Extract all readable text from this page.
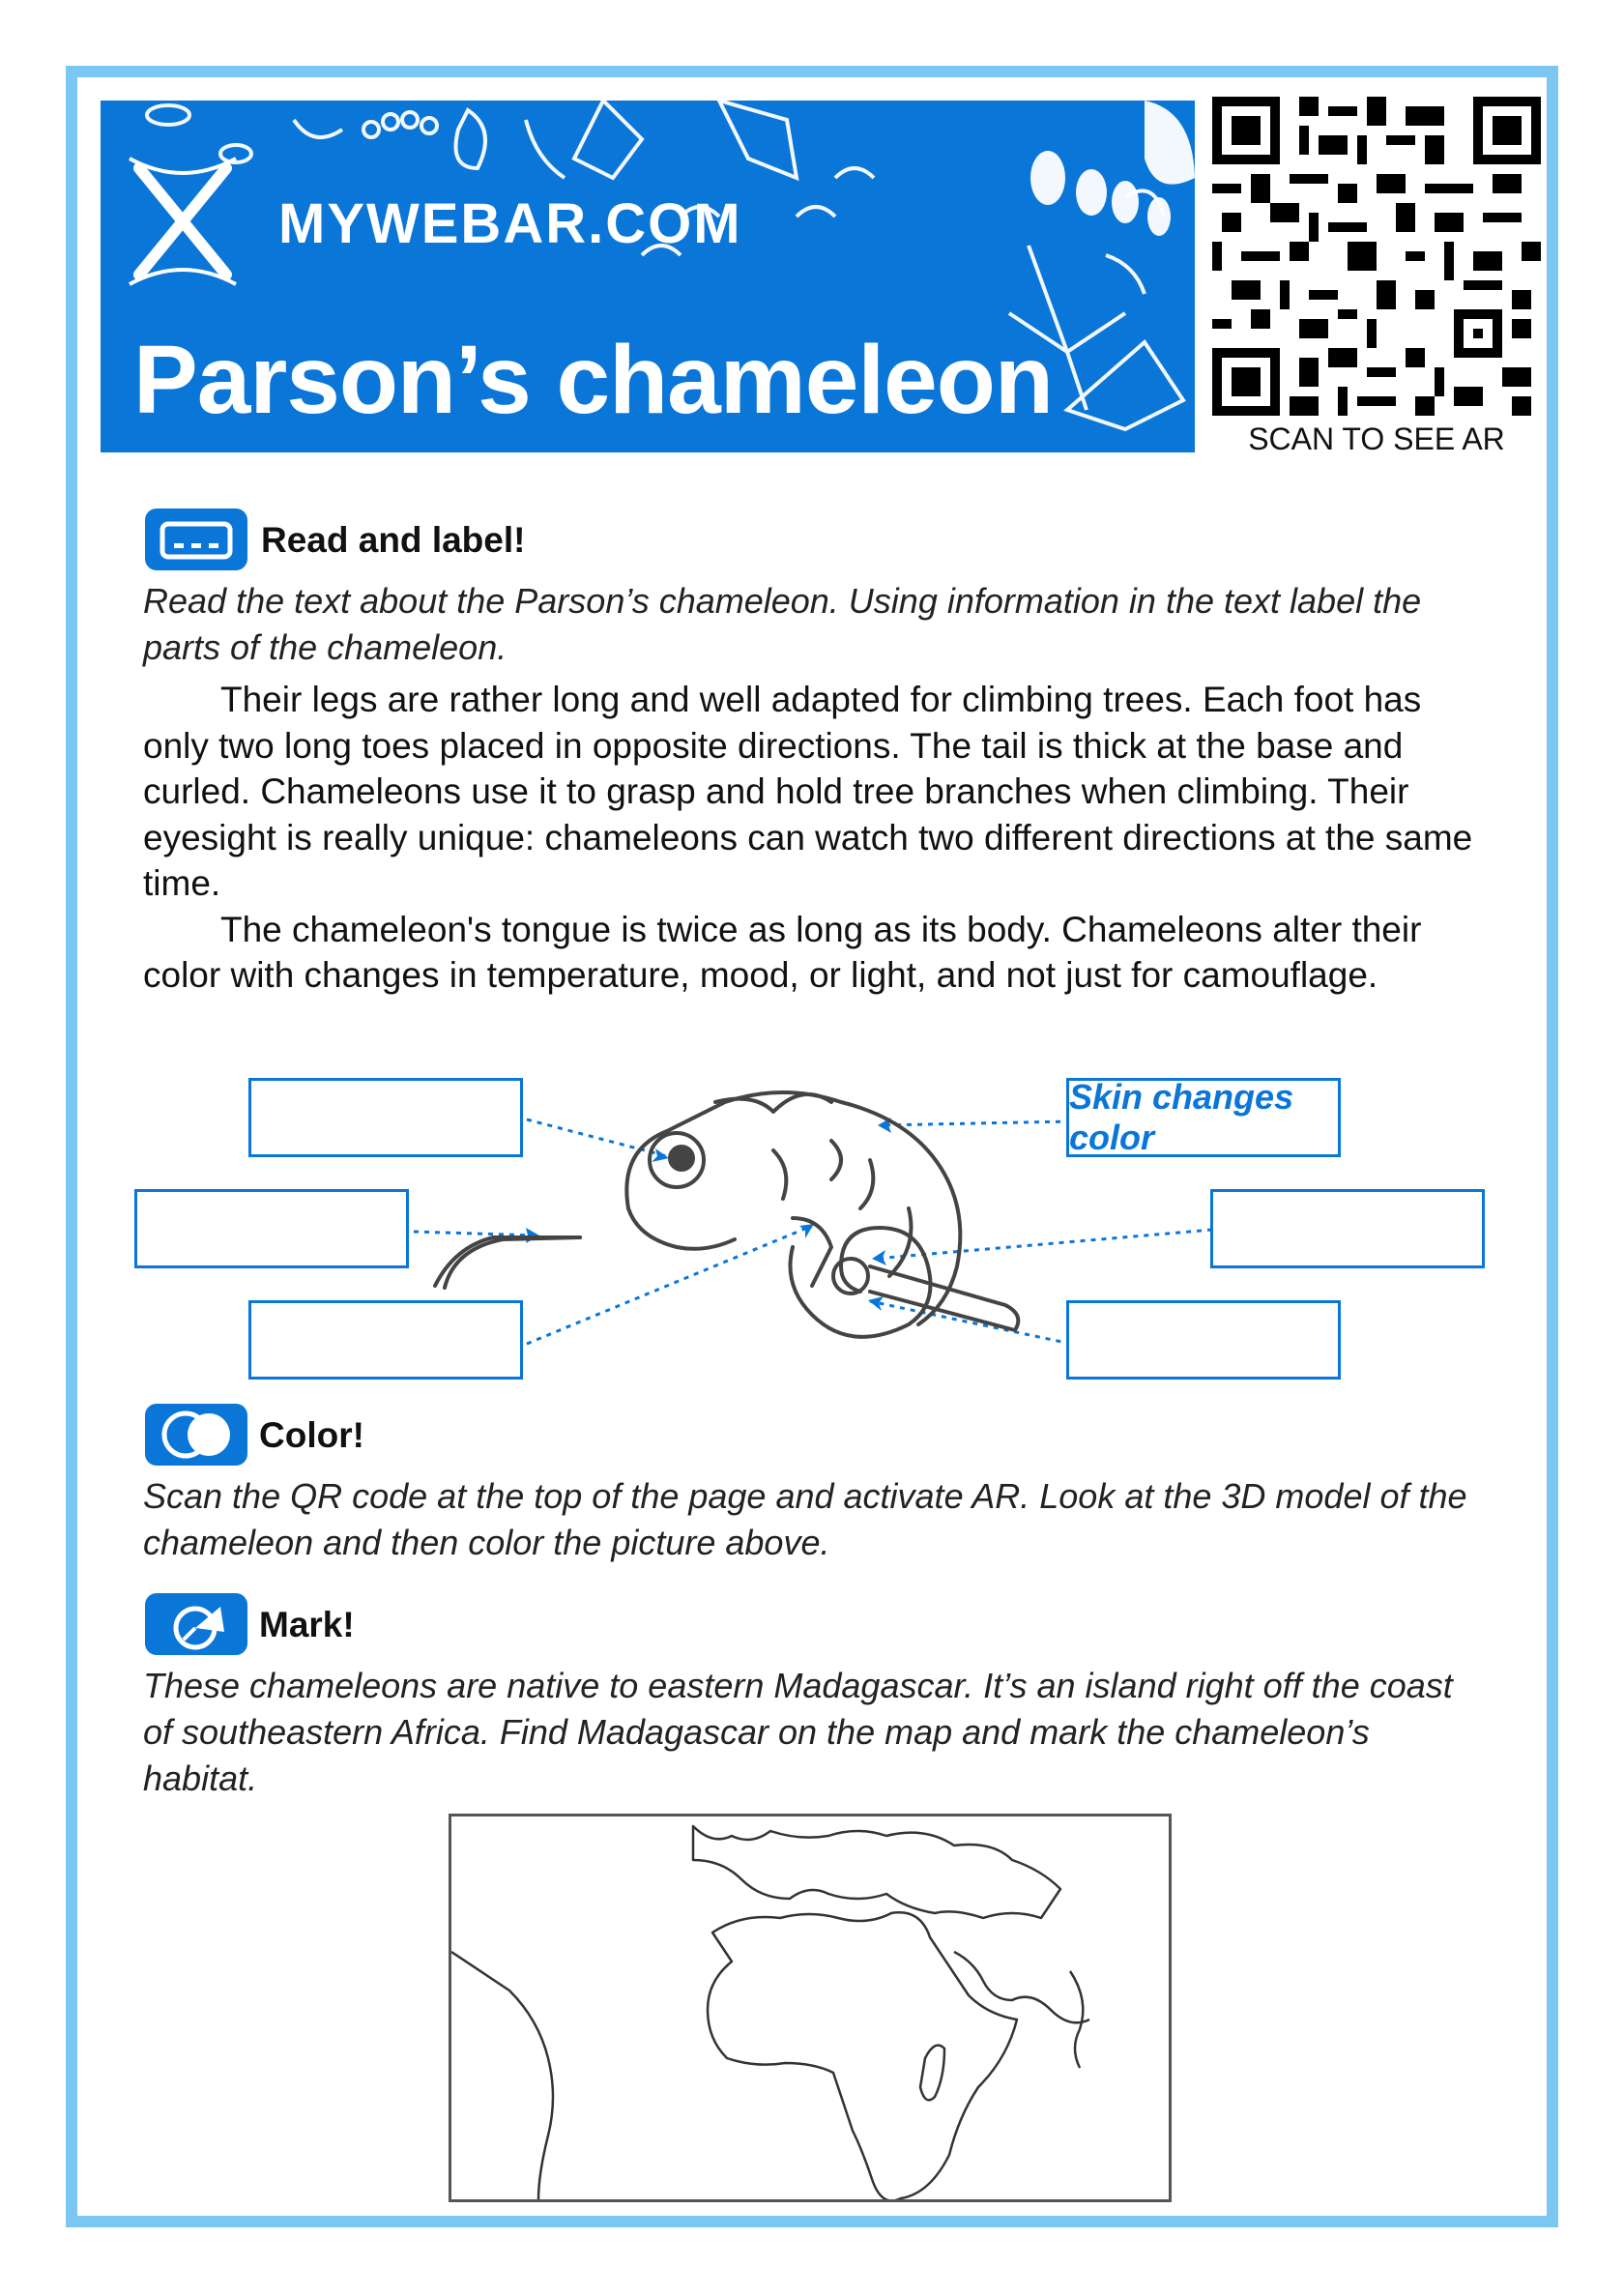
MYWEBAR.COM
Parson’s chameleon
SCAN TO SEE AR
Read and label!
Read the text about the Parson’s chameleon. Using information in the text label the parts of the chameleon.

Their legs are rather long and well adapted for climbing trees. Each foot has only two long toes placed in opposite directions. The tail is thick at the base and curled. Chameleons use it to grasp and hold tree branches when climbing. Their eyesight is really unique: chameleons can watch two different directions at the same time.

The chameleon's tongue is twice as long as its body. Chameleons alter their color with changes in temperature, mood, or light, and not just for camouflage.

Skin changes color
Color!
Scan the QR code at the top of the page and activate AR. Look at the 3D model of the chameleon and then color the picture above.
Mark!
These chameleons are native to eastern Madagascar. It’s an island right off the coast of southeastern Africa. Find Madagascar on the map and mark the chameleon’s habitat.
